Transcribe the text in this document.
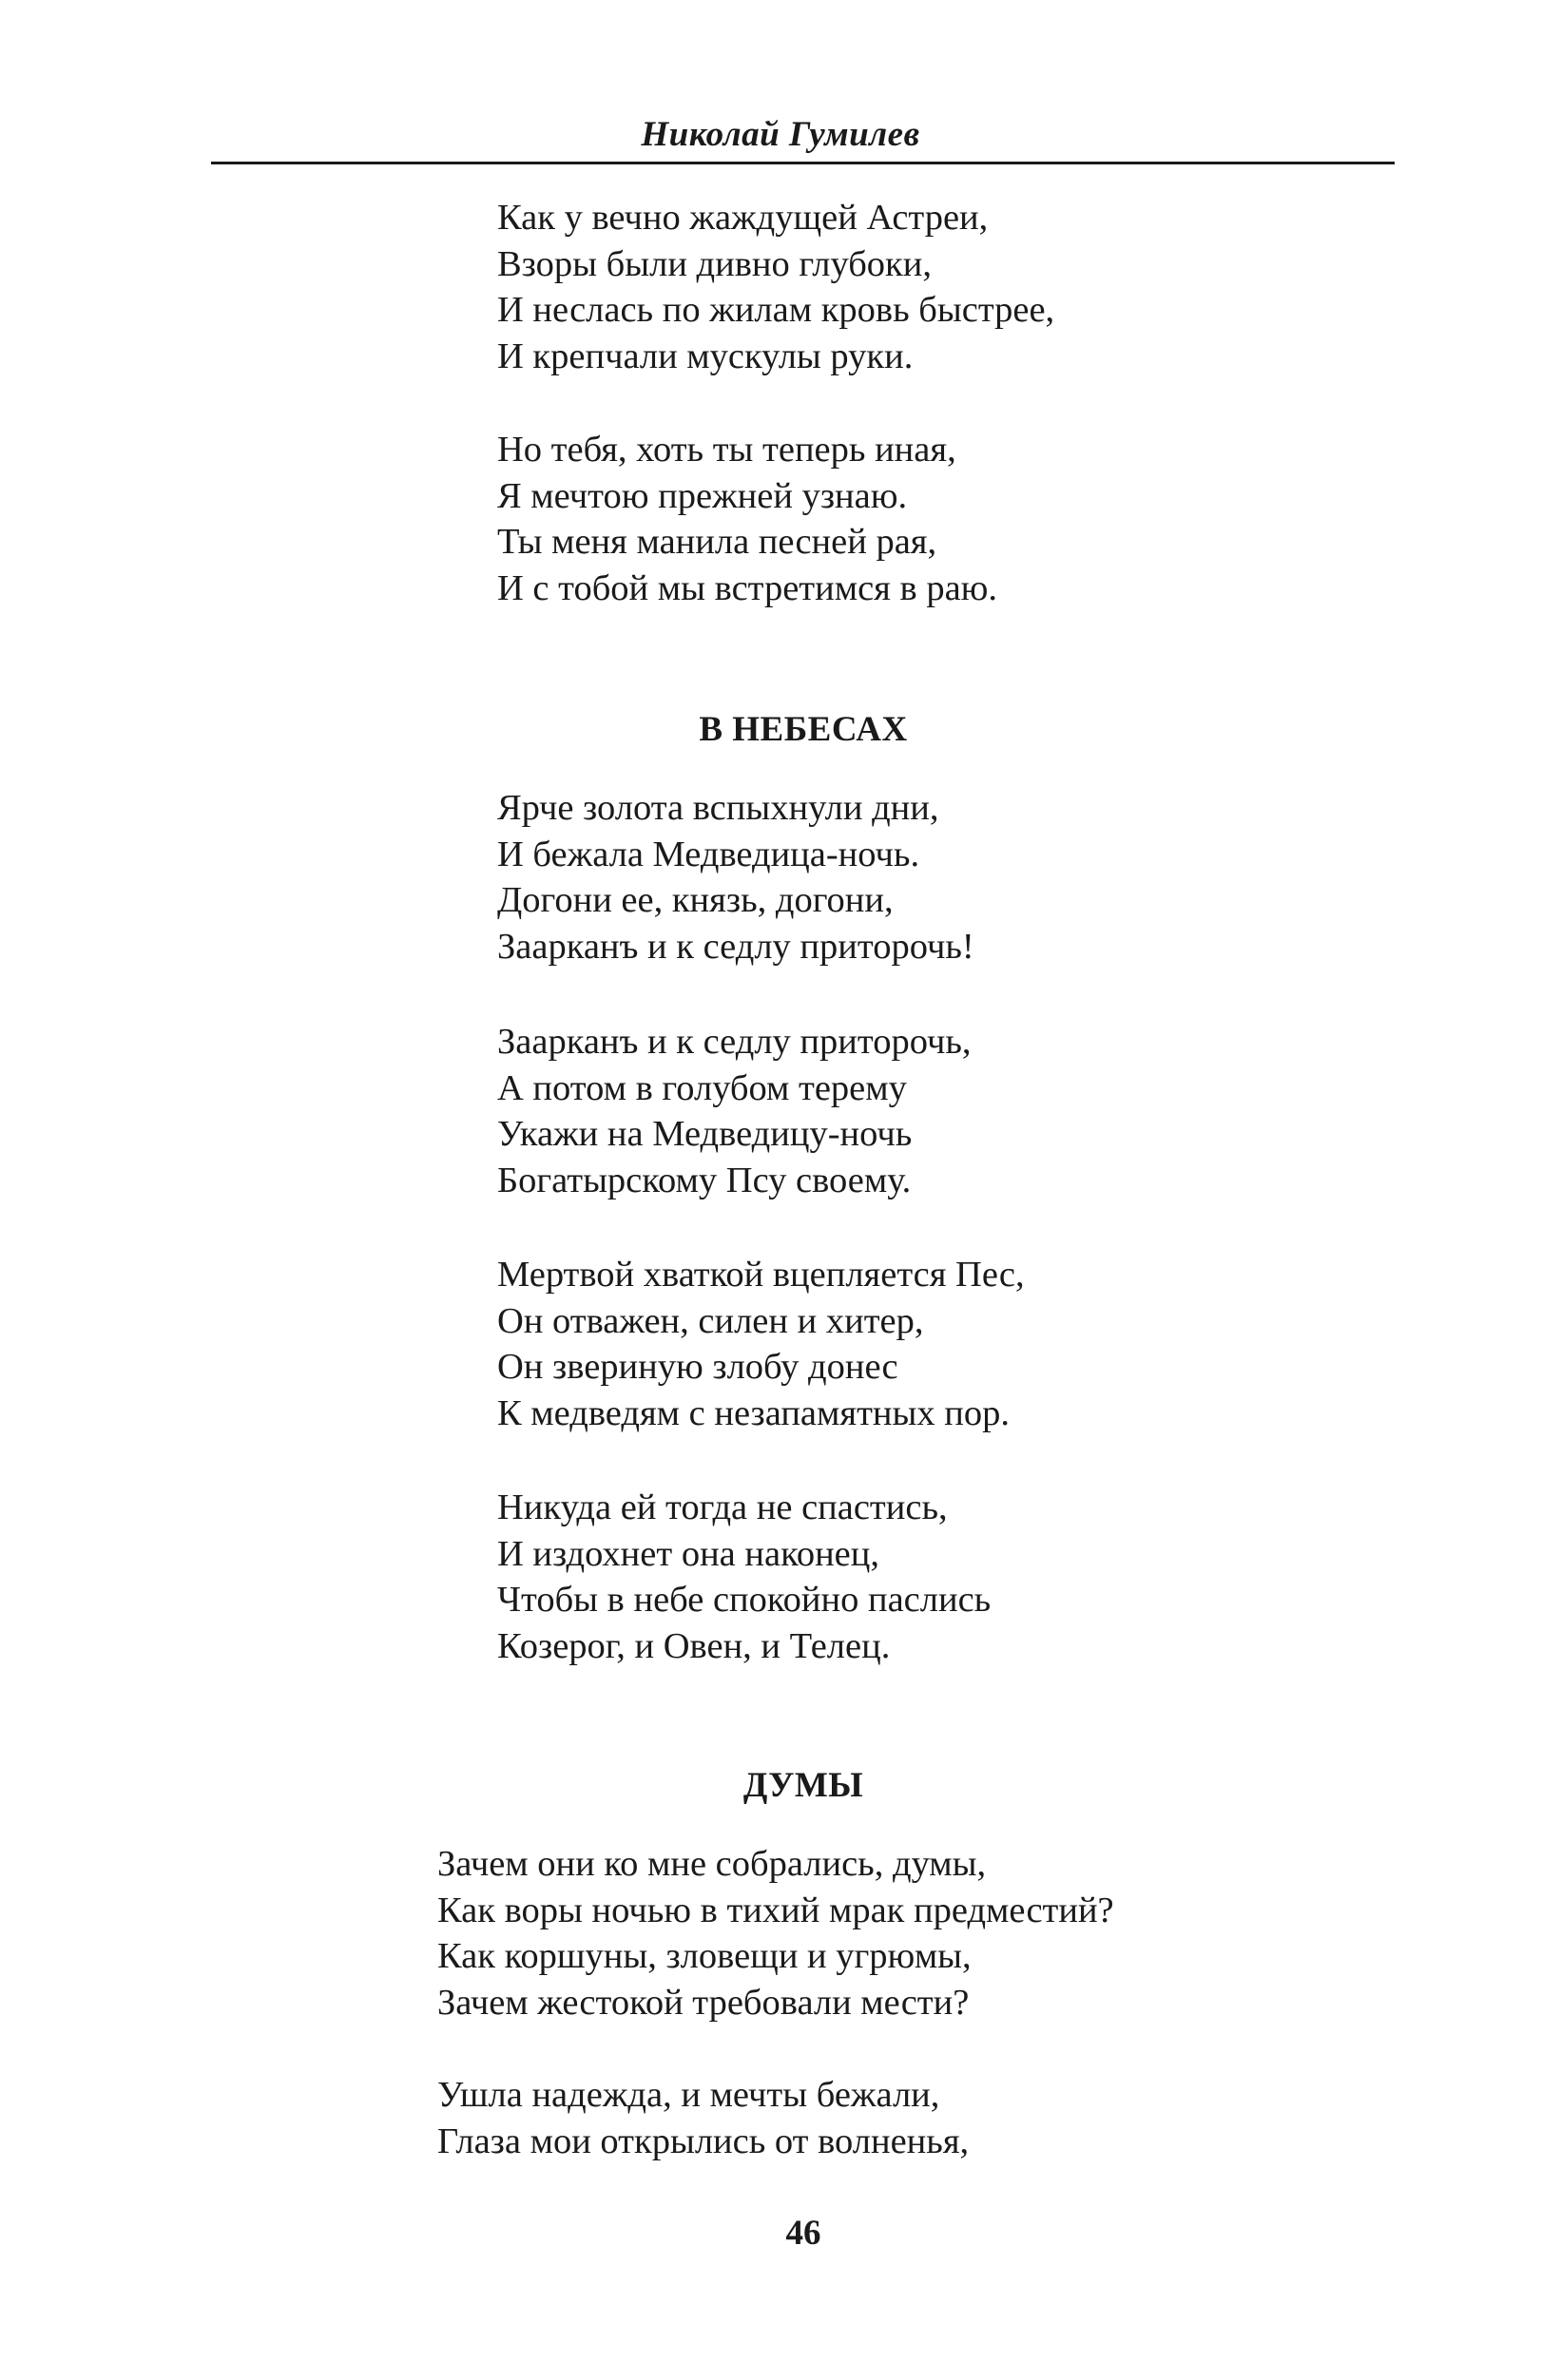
Николай Гумилев
Как у вечно жаждущей Астреи,
Взоры были дивно глубоки,
И неслась по жилам кровь быстрее,
И крепчали мускулы руки.
Но тебя, хоть ты теперь иная,
Я мечтою прежней узнаю.
Ты меня манила песней рая,
И с тобой мы встретимся в раю.
В НЕБЕСАХ
Ярче золота вспыхнули дни,
И бежала Медведица-ночь.
Догони ее, князь, догони,
Заарканъ и к седлу приторочь!
Заарканъ и к седлу приторочь,
А потом в голубом терему
Укажи на Медведицу-ночь
Богатырскому Псу своему.
Мертвой хваткой вцепляется Пес,
Он отважен, силен и хитер,
Он звериную злобу донес
К медведям с незапамятных пор.
Никуда ей тогда не спастись,
И издохнет она наконец,
Чтобы в небе спокойно паслись
Козерог, и Овен, и Телец.
ДУМЫ
Зачем они ко мне собрались, думы,
Как воры ночью в тихий мрак предместий?
Как коршуны, зловещи и угрюмы,
Зачем жестокой требовали мести?
Ушла надежда, и мечты бежали,
Глаза мои открылись от волненья,
46
